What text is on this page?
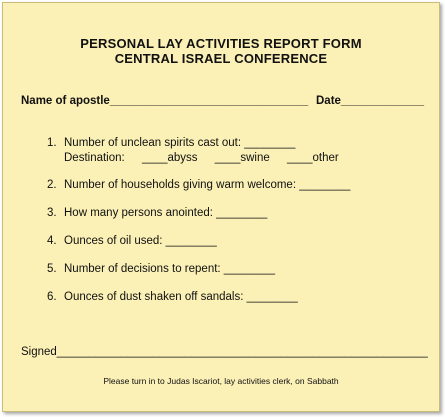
PERSONAL LAY ACTIVITIES REPORT FORM
CENTRAL ISRAEL CONFERENCE
Name of apostle_______________________________ Date_____________
1. Number of unclean spirits cast out: ________
Destination: ____abyss ____swine ____other
2. Number of households giving warm welcome: ________
3. How many persons anointed: ________
4. Ounces of oil used: ________
5. Number of decisions to repent: ________
6. Ounces of dust shaken off sandals: ________
Signed__________________________________________________________
Please turn in to Judas Iscariot, lay activities clerk, on Sabbath
